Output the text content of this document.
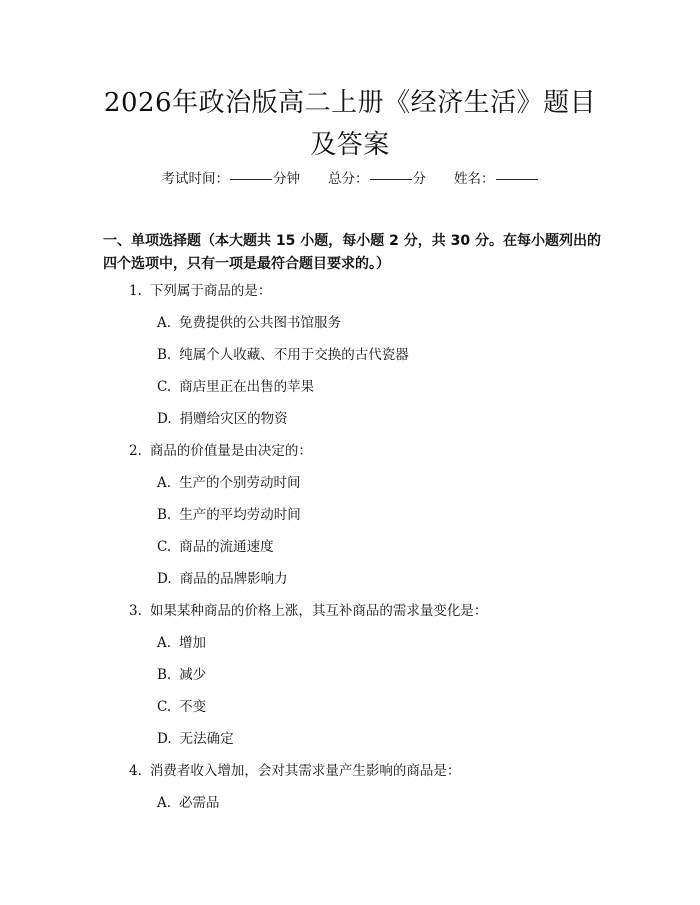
2026年政治版高二上册《经济生活》题目及答案
考试时间：	分钟 总分：	分 姓名：
一、单项选择题（本大题共 15 小题，每小题 2 分，共 30 分。在每小题列出的四个选项中，只有一项是最符合题目要求的。）
1. 下列属于商品的是：
A. 免费提供的公共图书馆服务
B. 纯属个人收藏、不用于交换的古代瓷器
C. 商店里正在出售的苹果
D. 捐赠给灾区的物资
2. 商品的价值量是由决定的：
A. 生产的个别劳动时间
B. 生产的平均劳动时间
C. 商品的流通速度
D. 商品的品牌影响力
3. 如果某种商品的价格上涨，其互补商品的需求量变化是：
A. 增加
B. 减少
C. 不变
D. 无法确定
4. 消费者收入增加，会对其需求量产生影响的商品是：
A. 必需品
